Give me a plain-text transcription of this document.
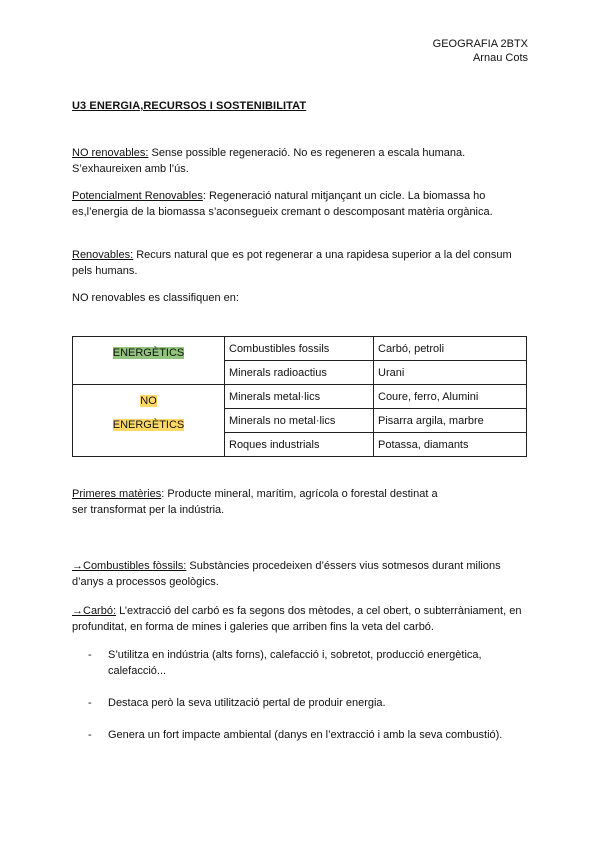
GEOGRAFIA 2BTX
Arnau Cots
U3 ENERGIA,RECURSOS I SOSTENIBILITAT
NO renovables: Sense possible regeneració. No es regeneren a escala humana. S’exhaureixen amb l’ús.
Potencialment Renovables: Regeneració natural mitjançant un cicle. La biomassa ho es,l’energia de la biomassa s’aconsegueix cremant o descomposant matèria orgànica.
Renovables: Recurs natural que es pot regenerar a una rapidesa superior a la del consum pels humans.
NO renovables es classifiquen en:
ENERGÈTICS	Combustibles fossils	Carbó, petroli
	Minerals radioactius	Urani
NO
ENERGÈTICS	Minerals metal·lics	Coure, ferro, Alumini
	Minerals no metal·lics	Pisarra argila, marbre
	Roques industrials	Potassa, diamants
Primeres matèries: Producte mineral, marítim, agrícola o forestal destinat a ser transformat per la indústria.
→Combustibles fòssils: Substàncies procedeixen d’éssers vius sotmesos durant milions d’anys a processos geològics.
→Carbó: L’extracció del carbó es fa segons dos mètodes, a cel obert, o subterràniament, en profunditat, en forma de mines i galeries que arriben fins la veta del carbó.
- S’utilitza en indústria (alts forns), calefacció i, sobretot, producció energètica, calefacció...
- Destaca però la seva utilització pertal de produir energia.
- Genera un fort impacte ambiental (danys en l’extracció i amb la seva combustió).
